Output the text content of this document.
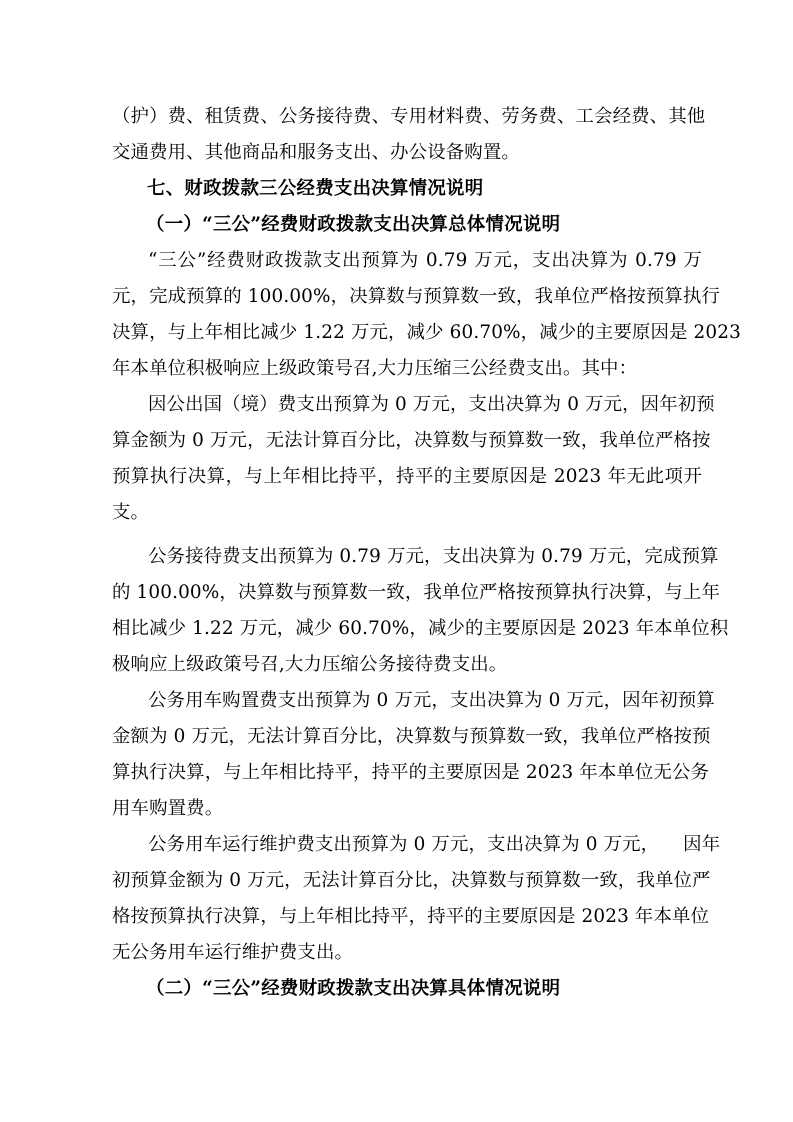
（护）费、租赁费、公务接待费、专用材料费、劳务费、工会经费、其他
交通费用、其他商品和服务支出、办公设备购置。
七、财政拨款三公经费支出决算情况说明
（一）“三公”经费财政拨款支出决算总体情况说明
“三公”经费财政拨款支出预算为 0.79 万元，支出决算为 0.79 万
元，完成预算的 100.00%，决算数与预算数一致，我单位严格按预算执行
决算，与上年相比减少 1.22 万元，减少 60.70%，减少的主要原因是 2023
年本单位积极响应上级政策号召,大力压缩三公经费支出。其中：
因公出国（境）费支出预算为 0 万元，支出决算为 0 万元，因年初预
算金额为 0 万元，无法计算百分比，决算数与预算数一致，我单位严格按
预算执行决算，与上年相比持平，持平的主要原因是 2023 年无此项开
支。
公务接待费支出预算为 0.79 万元，支出决算为 0.79 万元，完成预算
的 100.00%，决算数与预算数一致，我单位严格按预算执行决算，与上年
相比减少 1.22 万元，减少 60.70%，减少的主要原因是 2023 年本单位积
极响应上级政策号召,大力压缩公务接待费支出。
公务用车购置费支出预算为 0 万元，支出决算为 0 万元，因年初预算
金额为 0 万元，无法计算百分比，决算数与预算数一致，我单位严格按预
算执行决算，与上年相比持平，持平的主要原因是 2023 年本单位无公务
用车购置费。
公务用车运行维护费支出预算为 0 万元，支出决算为 0 万元，    因年
初预算金额为 0 万元，无法计算百分比，决算数与预算数一致，我单位严
格按预算执行决算，与上年相比持平，持平的主要原因是 2023 年本单位
无公务用车运行维护费支出。
（二）“三公”经费财政拨款支出决算具体情况说明
